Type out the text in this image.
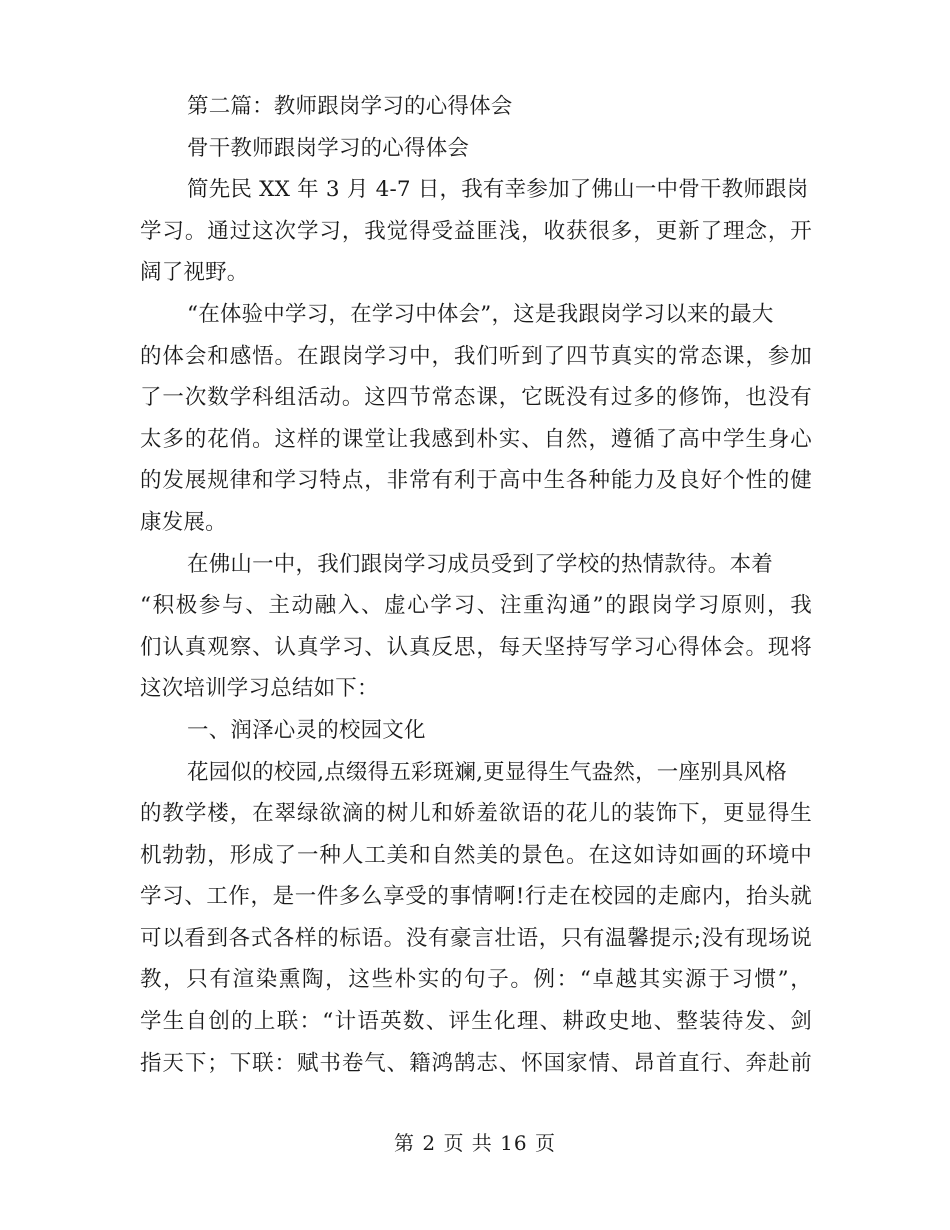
第二篇：教师跟岗学习的心得体会
骨干教师跟岗学习的心得体会
简先民 XX 年 3 月 4-7 日，我有幸参加了佛山一中骨干教师跟岗
学习。通过这次学习，我觉得受益匪浅，收获很多，更新了理念，开
阔了视野。
“在体验中学习，在学习中体会”，这是我跟岗学习以来的最大
的体会和感悟。在跟岗学习中，我们听到了四节真实的常态课，参加
了一次数学科组活动。这四节常态课，它既没有过多的修饰，也没有
太多的花俏。这样的课堂让我感到朴实、自然，遵循了高中学生身心
的发展规律和学习特点，非常有利于高中生各种能力及良好个性的健
康发展。
在佛山一中，我们跟岗学习成员受到了学校的热情款待。本着
“积极参与、主动融入、虚心学习、注重沟通”的跟岗学习原则，我
们认真观察、认真学习、认真反思，每天坚持写学习心得体会。现将
这次培训学习总结如下：
一、润泽心灵的校园文化
花园似的校园,点缀得五彩斑斓,更显得生气盎然，一座别具风格
的教学楼，在翠绿欲滴的树儿和娇羞欲语的花儿的装饰下，更显得生
机勃勃，形成了一种人工美和自然美的景色。在这如诗如画的环境中
学习、工作，是一件多么享受的事情啊!行走在校园的走廊内，抬头就
可以看到各式各样的标语。没有豪言壮语，只有温馨提示;没有现场说
教，只有渲染熏陶，这些朴实的句子。例：“卓越其实源于习惯”，
学生自创的上联：“计语英数、评生化理、耕政史地、整装待发、剑
指天下；下联：赋书卷气、籍鸿鹄志、怀国家情、昂首直行、奔赴前
第 2 页 共 16 页
